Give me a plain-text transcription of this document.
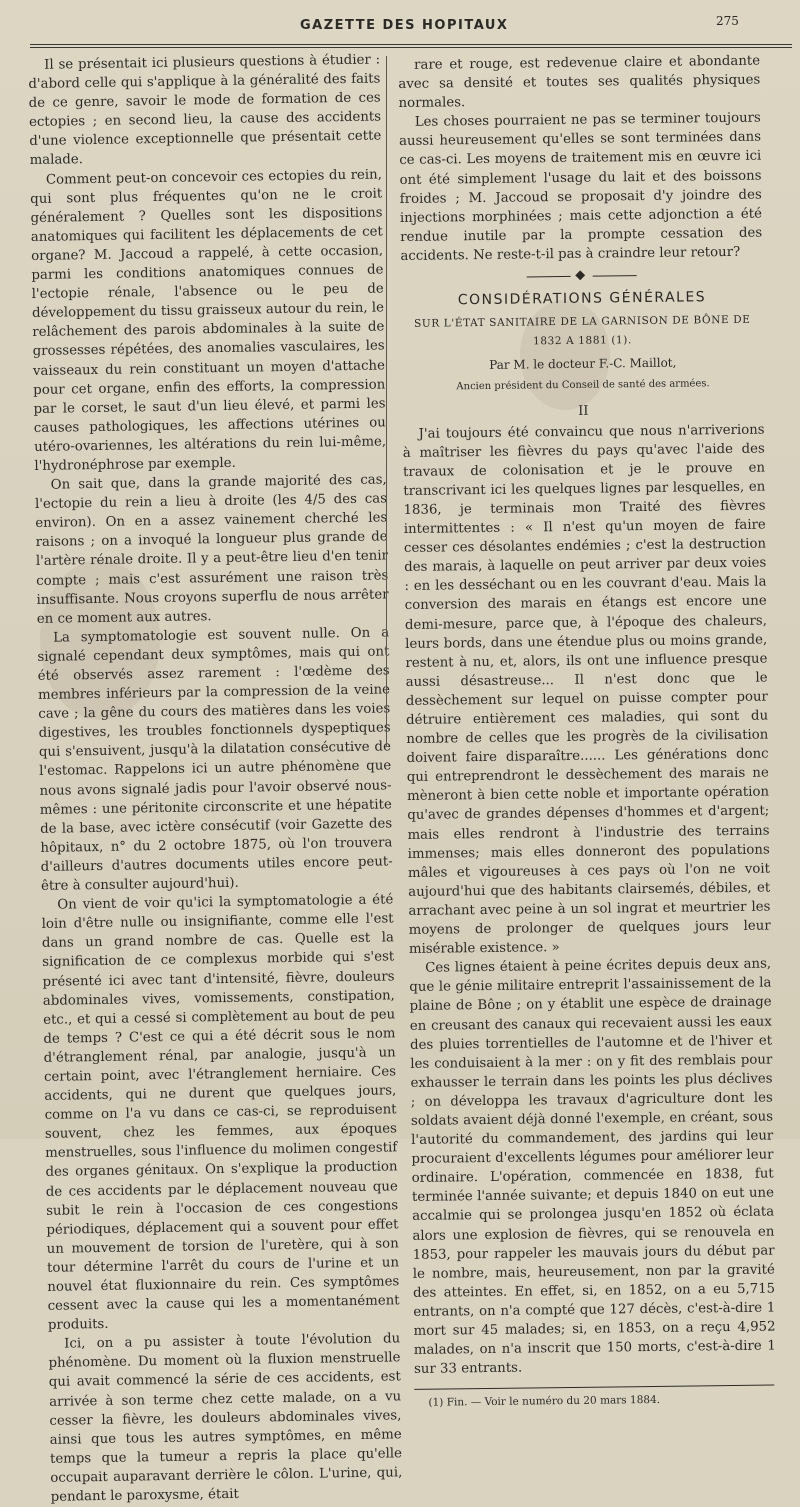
GAZETTE DES HOPITAUX	275

Il se présentait ici plusieurs questions à étudier : d'abord celle qui s'applique à la généralité des faits de ce genre, savoir le mode de formation de ces ectopies ; en second lieu, la cause des accidents d'une violence exceptionnelle que présentait cette malade.

Comment peut-on concevoir ces ectopies du rein, qui sont plus fréquentes qu'on ne le croit généralement ? Quelles sont les dispositions anatomiques qui facilitent les déplacements de cet organe? M. Jaccoud a rappelé, à cette occasion, parmi les conditions anatomiques connues de l'ectopie rénale, l'absence ou le peu de développement du tissu graisseux autour du rein, le relâchement des parois abdominales à la suite de grossesses répétées, des anomalies vasculaires, les vaisseaux du rein constituant un moyen d'attache pour cet organe, enfin des efforts, la compression par le corset, le saut d'un lieu élevé, et parmi les causes pathologiques, les affections utérines ou utéro-ovariennes, les altérations du rein lui-même, l'hydronéphrose par exemple.

On sait que, dans la grande majorité des cas, l'ectopie du rein a lieu à droite (les 4/5 des cas environ). On en a assez vainement cherché les raisons ; on a invoqué la longueur plus grande de l'artère rénale droite. Il y a peut-être lieu d'en tenir compte ; mais c'est assurément une raison très insuffisante. Nous croyons superflu de nous arrêter en ce moment aux autres.

La symptomatologie est souvent nulle. On a signalé cependant deux symptômes, mais qui ont été observés assez rarement : l'œdème des membres inférieurs par la compression de la veine cave ; la gêne du cours des matières dans les voies digestives, les troubles fonctionnels dyspeptiques qui s'ensuivent, jusqu'à la dilatation consécutive de l'estomac. Rappelons ici un autre phénomène que nous avons signalé jadis pour l'avoir observé nous-mêmes : une péritonite circonscrite et une hépatite de la base, avec ictère consécutif (voir Gazette des hôpitaux, n° du 2 octobre 1875, où l'on trouvera d'ailleurs d'autres documents utiles encore peut-être à consulter aujourd'hui).

On vient de voir qu'ici la symptomatologie a été loin d'être nulle ou insignifiante, comme elle l'est dans un grand nombre de cas. Quelle est la signification de ce complexus morbide qui s'est présenté ici avec tant d'intensité, fièvre, douleurs abdominales vives, vomissements, constipation, etc., et qui a cessé si complètement au bout de peu de temps ? C'est ce qui a été décrit sous le nom d'étranglement rénal, par analogie, jusqu'à un certain point, avec l'étranglement herniaire. Ces accidents, qui ne durent que quelques jours, comme on l'a vu dans ce cas-ci, se reproduisent souvent, chez les femmes, aux époques menstruelles, sous l'influence du molimen congestif des organes génitaux. On s'explique la production de ces accidents par le déplacement nouveau que subit le rein à l'occasion de ces congestions périodiques, déplacement qui a souvent pour effet un mouvement de torsion de l'uretère, qui à son tour détermine l'arrêt du cours de l'urine et un nouvel état fluxionnaire du rein. Ces symptômes cessent avec la cause qui les a momentanément produits.

Ici, on a pu assister à toute l'évolution du phénomène. Du moment où la fluxion menstruelle qui avait commencé la série de ces accidents, est arrivée à son terme chez cette malade, on a vu cesser la fièvre, les douleurs abdominales vives, ainsi que tous les autres symptômes, en même temps que la tumeur a repris la place qu'elle occupait auparavant derrière le côlon. L'urine, qui, pendant le paroxysme, était

rare et rouge, est redevenue claire et abondante avec sa densité et toutes ses qualités physiques normales.

Les choses pourraient ne pas se terminer toujours aussi heureusement qu'elles se sont terminées dans ce cas-ci. Les moyens de traitement mis en œuvre ici ont été simplement l'usage du lait et des boissons froides ; M. Jaccoud se proposait d'y joindre des injections morphinées ; mais cette adjonction a été rendue inutile par la prompte cessation des accidents. Ne reste-t-il pas à craindre leur retour?

CONSIDÉRATIONS GÉNÉRALES
SUR L'ÉTAT SANITAIRE DE LA GARNISON DE BÔNE DE 1832 A 1881 (1).
Par M. le docteur F.-C. Maillot,
Ancien président du Conseil de santé des armées.
II

J'ai toujours été convaincu que nous n'arriverions à maîtriser les fièvres du pays qu'avec l'aide des travaux de colonisation et je le prouve en transcrivant ici les quelques lignes par lesquelles, en 1836, je terminais mon Traité des fièvres intermittentes : « Il n'est qu'un moyen de faire cesser ces désolantes endémies ; c'est la destruction des marais, à laquelle on peut arriver par deux voies : en les desséchant ou en les couvrant d'eau. Mais la conversion des marais en étangs est encore une demi-mesure, parce que, à l'époque des chaleurs, leurs bords, dans une étendue plus ou moins grande, restent à nu, et, alors, ils ont une influence presque aussi désastreuse... Il n'est donc que le dessèchement sur lequel on puisse compter pour détruire entièrement ces maladies, qui sont du nombre de celles que les progrès de la civilisation doivent faire disparaître...... Les générations donc qui entreprendront le dessèchement des marais ne mèneront à bien cette noble et importante opération qu'avec de grandes dépenses d'hommes et d'argent; mais elles rendront à l'industrie des terrains immenses; mais elles donneront des populations mâles et vigoureuses à ces pays où l'on ne voit aujourd'hui que des habitants clairsemés, débiles, et arrachant avec peine à un sol ingrat et meurtrier les moyens de prolonger de quelques jours leur misérable existence. »

Ces lignes étaient à peine écrites depuis deux ans, que le génie militaire entreprit l'assainissement de la plaine de Bône ; on y établit une espèce de drainage en creusant des canaux qui recevaient aussi les eaux des pluies torrentielles de l'automne et de l'hiver et les conduisaient à la mer : on y fit des remblais pour exhausser le terrain dans les points les plus déclives ; on développa les travaux d'agriculture dont les soldats avaient déjà donné l'exemple, en créant, sous l'autorité du commandement, des jardins qui leur procuraient d'excellents légumes pour améliorer leur ordinaire. L'opération, commencée en 1838, fut terminée l'année suivante; et depuis 1840 on eut une accalmie qui se prolongea jusqu'en 1852 où éclata alors une explosion de fièvres, qui se renouvela en 1853, pour rappeler les mauvais jours du début par le nombre, mais, heureusement, non par la gravité des atteintes. En effet, si, en 1852, on a eu 5,715 entrants, on n'a compté que 127 décès, c'est-à-dire 1 mort sur 45 malades; si, en 1853, on a reçu 4,952 malades, on n'a inscrit que 150 morts, c'est-à-dire 1 sur 33 entrants.

(1) Fin. — Voir le numéro du 20 mars 1884.
